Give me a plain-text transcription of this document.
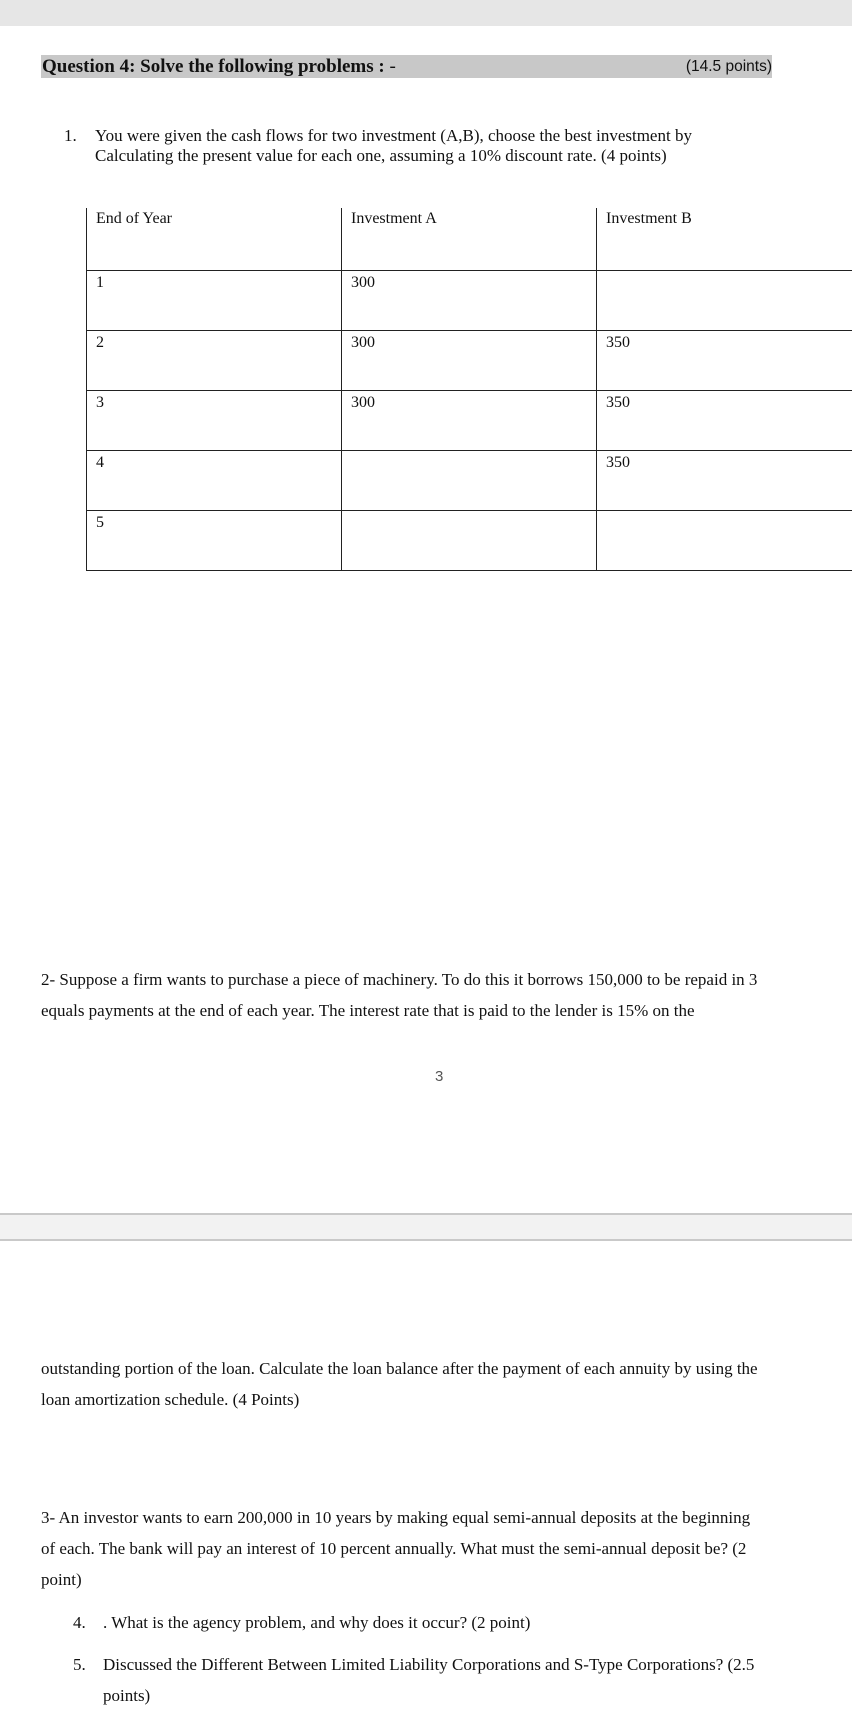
Question 4: Solve the following problems : -	(14.5 points)
1. You were given the cash flows for two investment (A,B), choose the best investment by
Calculating the present value for each one, assuming a 10% discount rate. (4 points)
End of Year	Investment A	Investment B
1	300	
2	300	350
3	300	350
4		350
5		
2- Suppose a firm wants to purchase a piece of machinery. To do this it borrows 150,000 to be repaid in 3
equals payments at the end of each year. The interest rate that is paid to the lender is 15% on the
3
outstanding portion of the loan. Calculate the loan balance after the payment of each annuity by using the
loan amortization schedule. (4 Points)
3- An investor wants to earn 200,000 in 10 years by making equal semi-annual deposits at the beginning
of each. The bank will pay an interest of 10 percent annually. What must the semi-annual deposit be? (2
point)
4. . What is the agency problem, and why does it occur? (2 point)
5. Discussed the Different Between Limited Liability Corporations and S-Type Corporations? (2.5
points)
